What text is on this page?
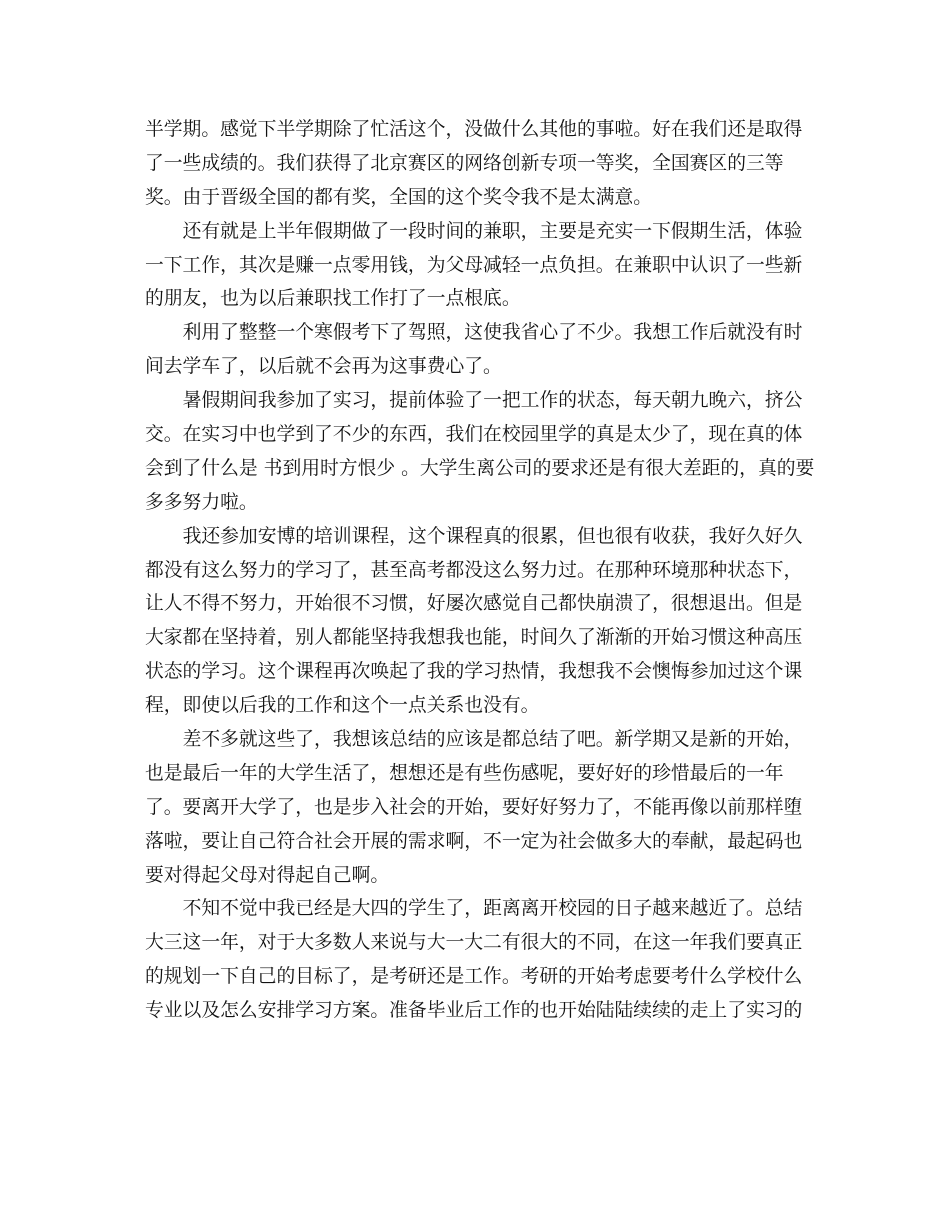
半学期。感觉下半学期除了忙活这个，没做什么其他的事啦。好在我们还是取得
了一些成绩的。我们获得了北京赛区的网络创新专项一等奖，全国赛区的三等
奖。由于晋级全国的都有奖，全国的这个奖令我不是太满意。
还有就是上半年假期做了一段时间的兼职，主要是充实一下假期生活，体验
一下工作，其次是赚一点零用钱，为父母减轻一点负担。在兼职中认识了一些新
的朋友，也为以后兼职找工作打了一点根底。
利用了整整一个寒假考下了驾照，这使我省心了不少。我想工作后就没有时
间去学车了，以后就不会再为这事费心了。
暑假期间我参加了实习，提前体验了一把工作的状态，每天朝九晚六，挤公
交。在实习中也学到了不少的东西，我们在校园里学的真是太少了，现在真的体
会到了什么是 书到用时方恨少 。大学生离公司的要求还是有很大差距的，真的要
多多努力啦。
我还参加安博的培训课程，这个课程真的很累，但也很有收获，我好久好久
都没有这么努力的学习了，甚至高考都没这么努力过。在那种环境那种状态下，
让人不得不努力，开始很不习惯，好屡次感觉自己都快崩溃了，很想退出。但是
大家都在坚持着，别人都能坚持我想我也能，时间久了渐渐的开始习惯这种高压
状态的学习。这个课程再次唤起了我的学习热情，我想我不会懊悔参加过这个课
程，即使以后我的工作和这个一点关系也没有。
差不多就这些了，我想该总结的应该是都总结了吧。新学期又是新的开始，
也是最后一年的大学生活了，想想还是有些伤感呢，要好好的珍惜最后的一年
了。要离开大学了，也是步入社会的开始，要好好努力了，不能再像以前那样堕
落啦，要让自己符合社会开展的需求啊，不一定为社会做多大的奉献，最起码也
要对得起父母对得起自己啊。
不知不觉中我已经是大四的学生了，距离离开校园的日子越来越近了。总结
大三这一年，对于大多数人来说与大一大二有很大的不同，在这一年我们要真正
的规划一下自己的目标了，是考研还是工作。考研的开始考虑要考什么学校什么
专业以及怎么安排学习方案。准备毕业后工作的也开始陆陆续续的走上了实习的
